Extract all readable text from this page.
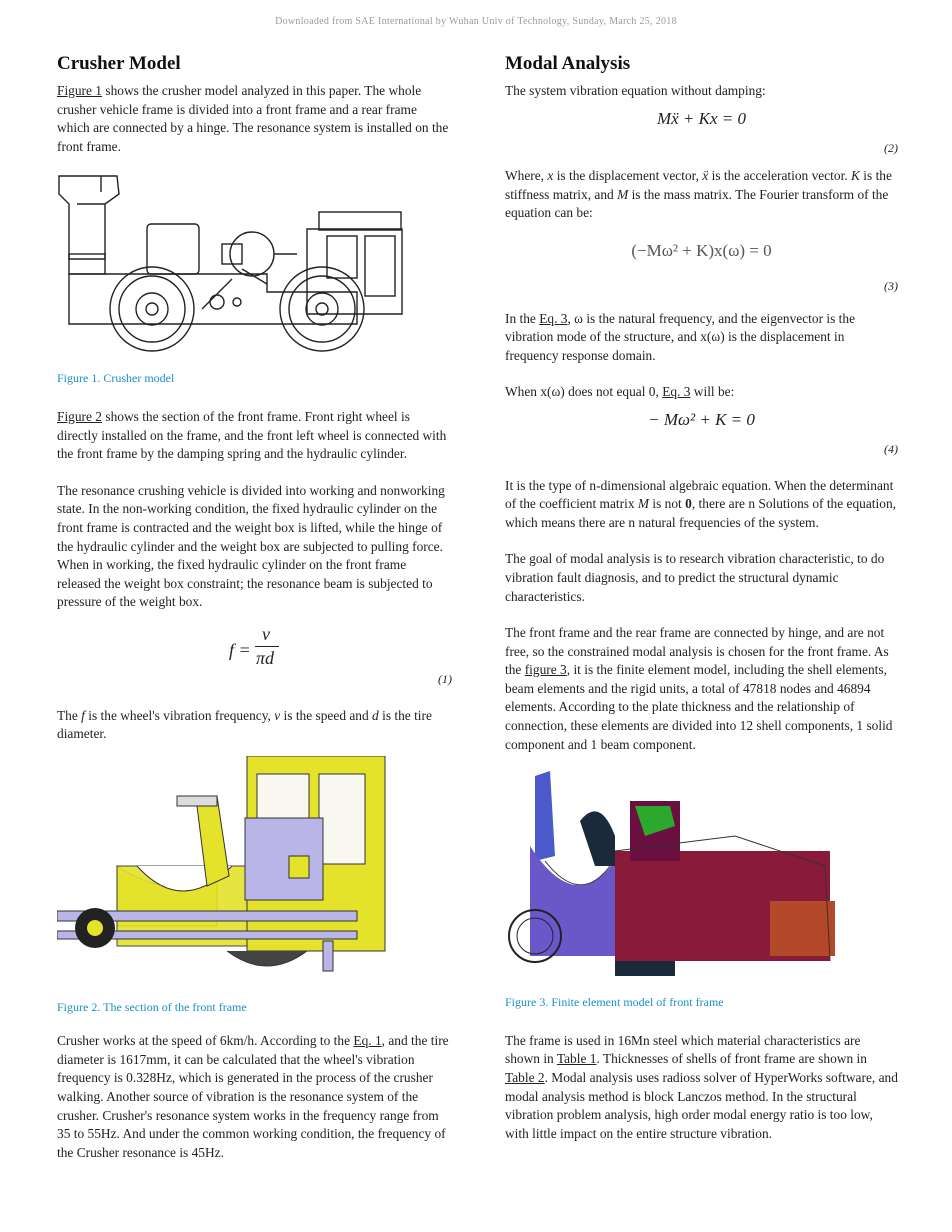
Downloaded from SAE International by Wuhan Univ of Technology, Sunday, March 25, 2018
Crusher Model

Figure 1 shows the crusher model analyzed in this paper. The whole crusher vehicle frame is divided into a front frame and a rear frame which are connected by a hinge. The resonance system is installed on the front frame.

Figure 1. Crusher model

Figure 2 shows the section of the front frame. Front right wheel is directly installed on the frame, and the front left wheel is connected with the front frame by the damping spring and the hydraulic cylinder.

The resonance crushing vehicle is divided into working and nonworking state. In the non-working condition, the fixed hydraulic cylinder on the front frame is contracted and the weight box is lifted, while the hinge of the hydraulic cylinder and the weight box are subjected to pulling force. When in working, the fixed hydraulic cylinder on the front frame released the weight box constraint; the resonance beam is subjected to pressure of the weight box.

f =
v
πd

(1)

The f is the wheel's vibration frequency, v is the speed and d is the tire diameter.

Figure 2. The section of the front frame

Crusher works at the speed of 6km/h. According to the Eq. 1, and the tire diameter is 1617mm, it can be calculated that the wheel's vibration frequency is 0.328Hz, which is generated in the process of the crusher walking. Another source of vibration is the resonance system of the crusher. Crusher's resonance system works in the frequency range from 35 to 55Hz. And under the common working condition, the frequency of the Crusher resonance is 45Hz.

Modal Analysis

The system vibration equation without damping:

Mẍ + Kx = 0

(2)

Where, x is the displacement vector, ẍ is the acceleration vector. K is the stiffness matrix, and M is the mass matrix. The Fourier transform of the equation can be:

(−Mω² + K)x(ω) = 0

(3)

In the Eq. 3, ω is the natural frequency, and the eigenvector is the vibration mode of the structure, and x(ω) is the displacement in frequency response domain.

When x(ω) does not equal 0, Eq. 3 will be:

− Mω² + K = 0

(4)

It is the type of n-dimensional algebraic equation. When the determinant of the coefficient matrix M is not 0, there are n Solutions of the equation, which means there are n natural frequencies of the system.

The goal of modal analysis is to research vibration characteristic, to do vibration fault diagnosis, and to predict the structural dynamic characteristics.

The front frame and the rear frame are connected by hinge, and are not free, so the constrained modal analysis is chosen for the front frame. As the figure 3, it is the finite element model, including the shell elements, beam elements and the rigid units, a total of 47818 nodes and 46894 elements. According to the plate thickness and the relationship of connection, these elements are divided into 12 shell components, 1 solid component and 1 beam component.

Figure 3. Finite element model of front frame

The frame is used in 16Mn steel which material characteristics are shown in Table 1. Thicknesses of shells of front frame are shown in Table 2. Modal analysis uses radioss solver of HyperWorks software, and modal analysis method is block Lanczos method. In the structural vibration problem analysis, high order modal energy ratio is too low, with little impact on the entire structure vibration.
